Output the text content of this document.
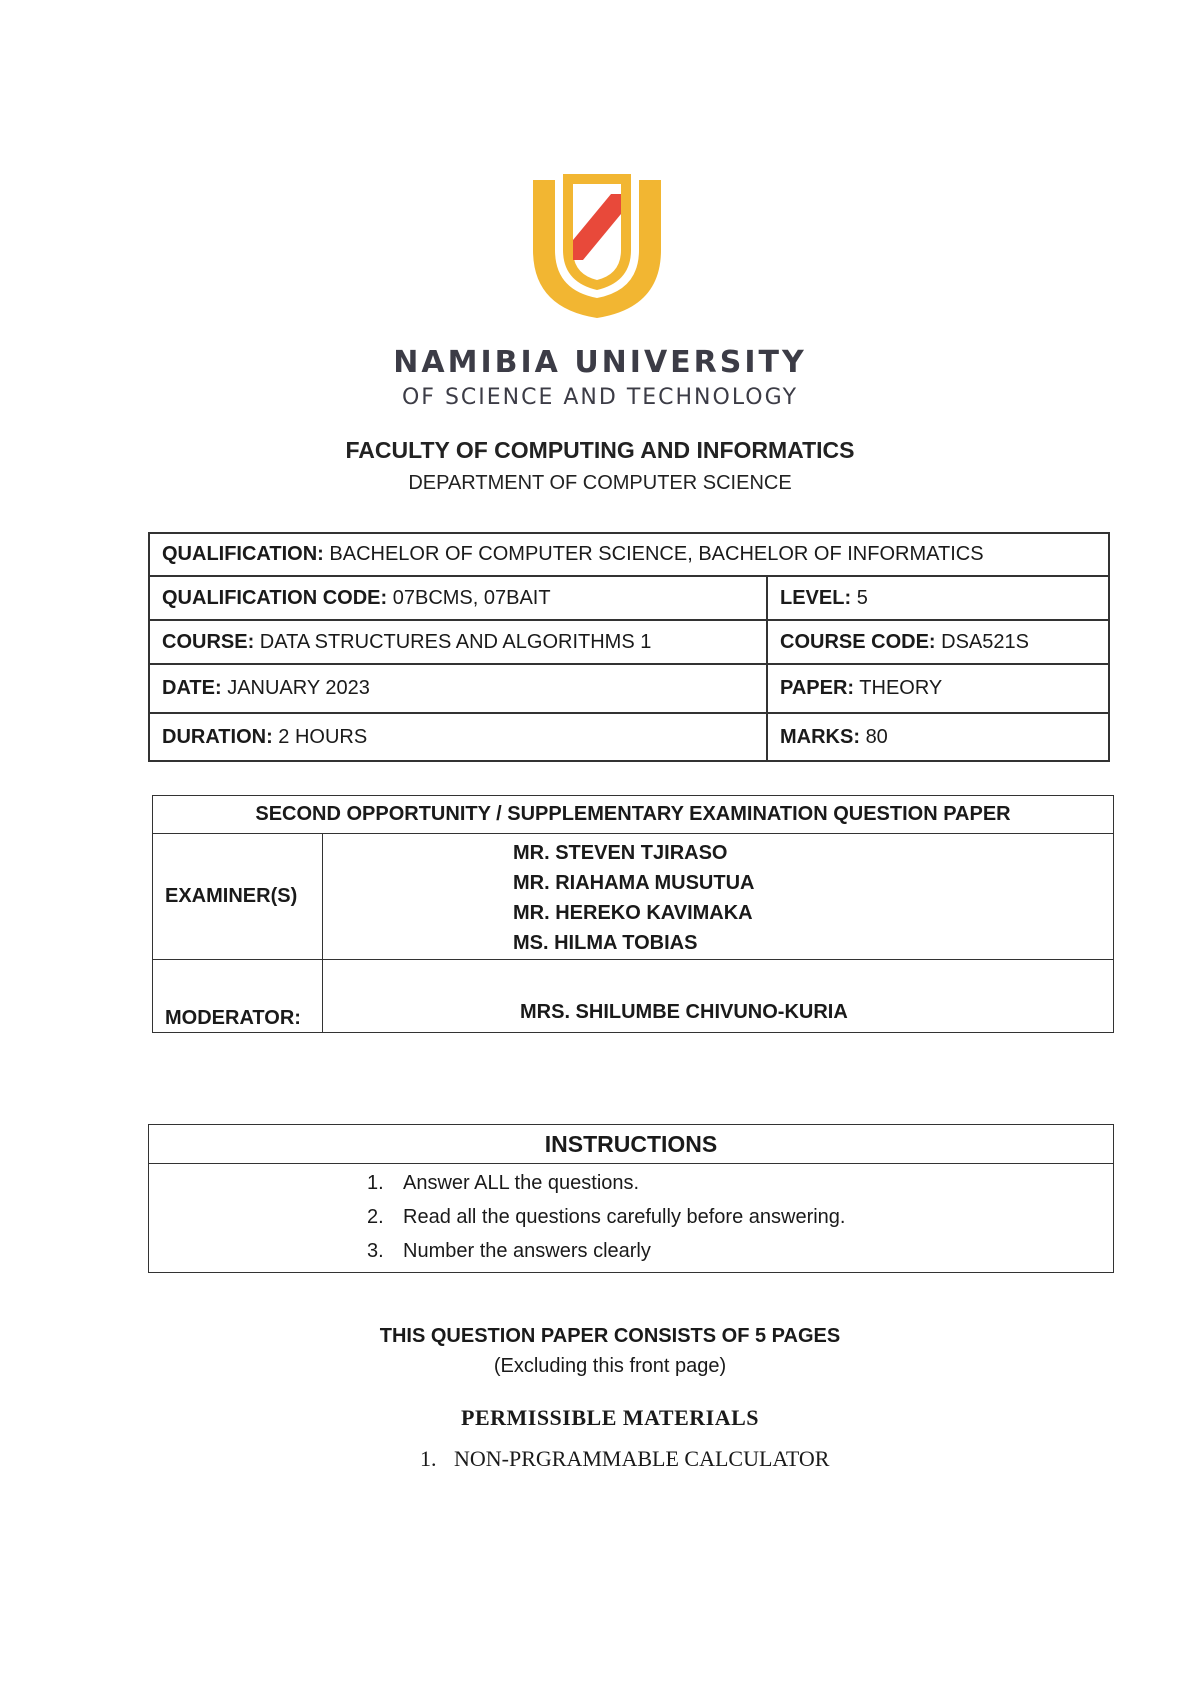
NAMIBIA UNIVERSITY
OF SCIENCE AND TECHNOLOGY
FACULTY OF COMPUTING AND INFORMATICS
DEPARTMENT OF COMPUTER SCIENCE
QUALIFICATION: BACHELOR OF COMPUTER SCIENCE, BACHELOR OF INFORMATICS	
QUALIFICATION CODE: 07BCMS, 07BAIT	LEVEL: 5
COURSE: DATA STRUCTURES AND ALGORITHMS 1	COURSE CODE: DSA521S
DATE: JANUARY 2023	PAPER: THEORY
DURATION: 2 HOURS	MARKS: 80
SECOND OPPORTUNITY / SUPPLEMENTARY EXAMINATION QUESTION PAPER	
EXAMINER(S)	MR. STEVEN TJIRASO
MR. RIAHAMA MUSUTUA
MR. HEREKO KAVIMAKA
MS. HILMA TOBIAS

MODERATOR:	MRS. SHILUMBE CHIVUNO-KURIA
INSTRUCTIONS

1. Answer ALL the questions.
2. Read all the questions carefully before answering.
3. Number the answers clearly
THIS QUESTION PAPER CONSISTS OF 5 PAGES
(Excluding this front page)
PERMISSIBLE MATERIALS
1. NON-PRGRAMMABLE CALCULATOR
